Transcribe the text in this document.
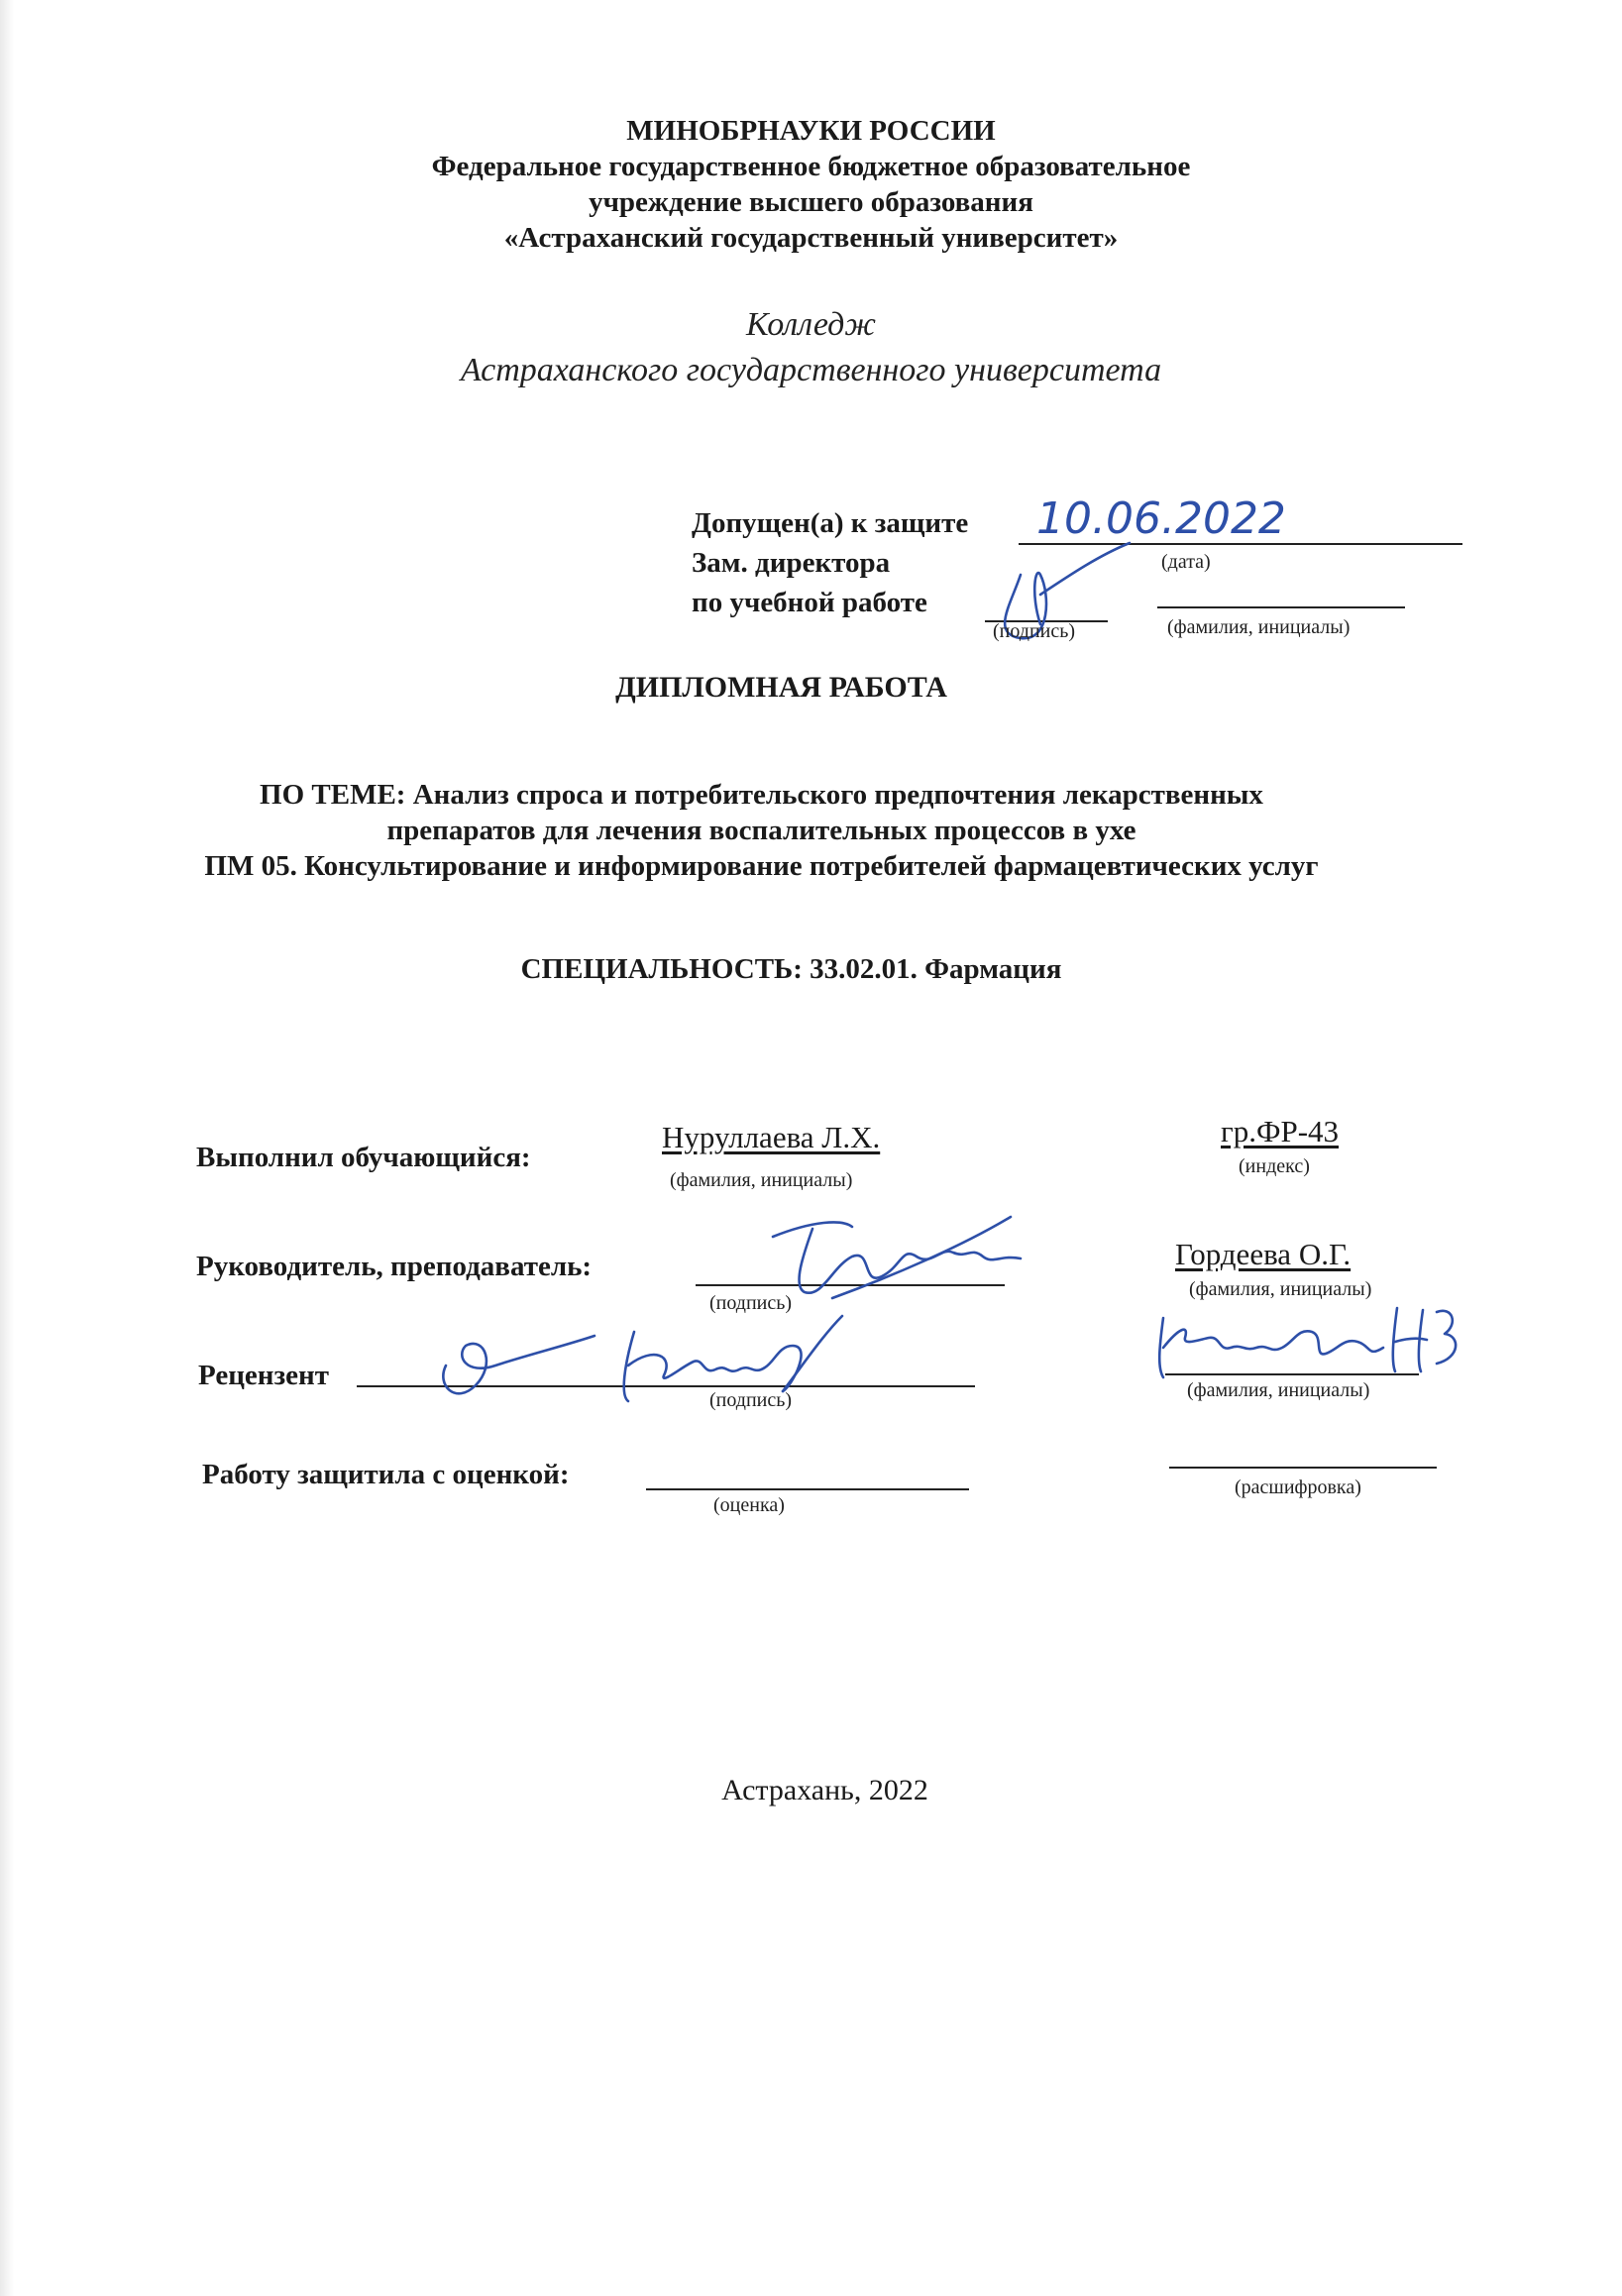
МИНОБРНАУКИ РОССИИ
Федеральное государственное бюджетное образовательное
учреждение высшего образования
«Астраханский государственный университет»
Колледж
Астраханского государственного университета
Допущен(а) к защите 10.06.2022
(дата)
Зам. директора
по учебной работе
(подпись)	(фамилия, инициалы)
ДИПЛОМНАЯ РАБОТА
ПО ТЕМЕ: Анализ спроса и потребительского предпочтения лекарственных
препаратов для лечения воспалительных процессов в ухе
ПМ 05. Консультирование и информирование потребителей фармацевтических услуг
СПЕЦИАЛЬНОСТЬ: 33.02.01. Фармация
Выполнил обучающийся:
Нуруллаева Л.Х.
(фамилия, инициалы)
гр.ФР-43
(индекс)
Руководитель, преподаватель:
(подпись)
Гордеева О.Г.
(фамилия, инициалы)
Рецензент
(подпись)	(фамилия, инициалы)
Работу защитила с оценкой:
(оценка)
(расшифровка)
Астрахань, 2022
